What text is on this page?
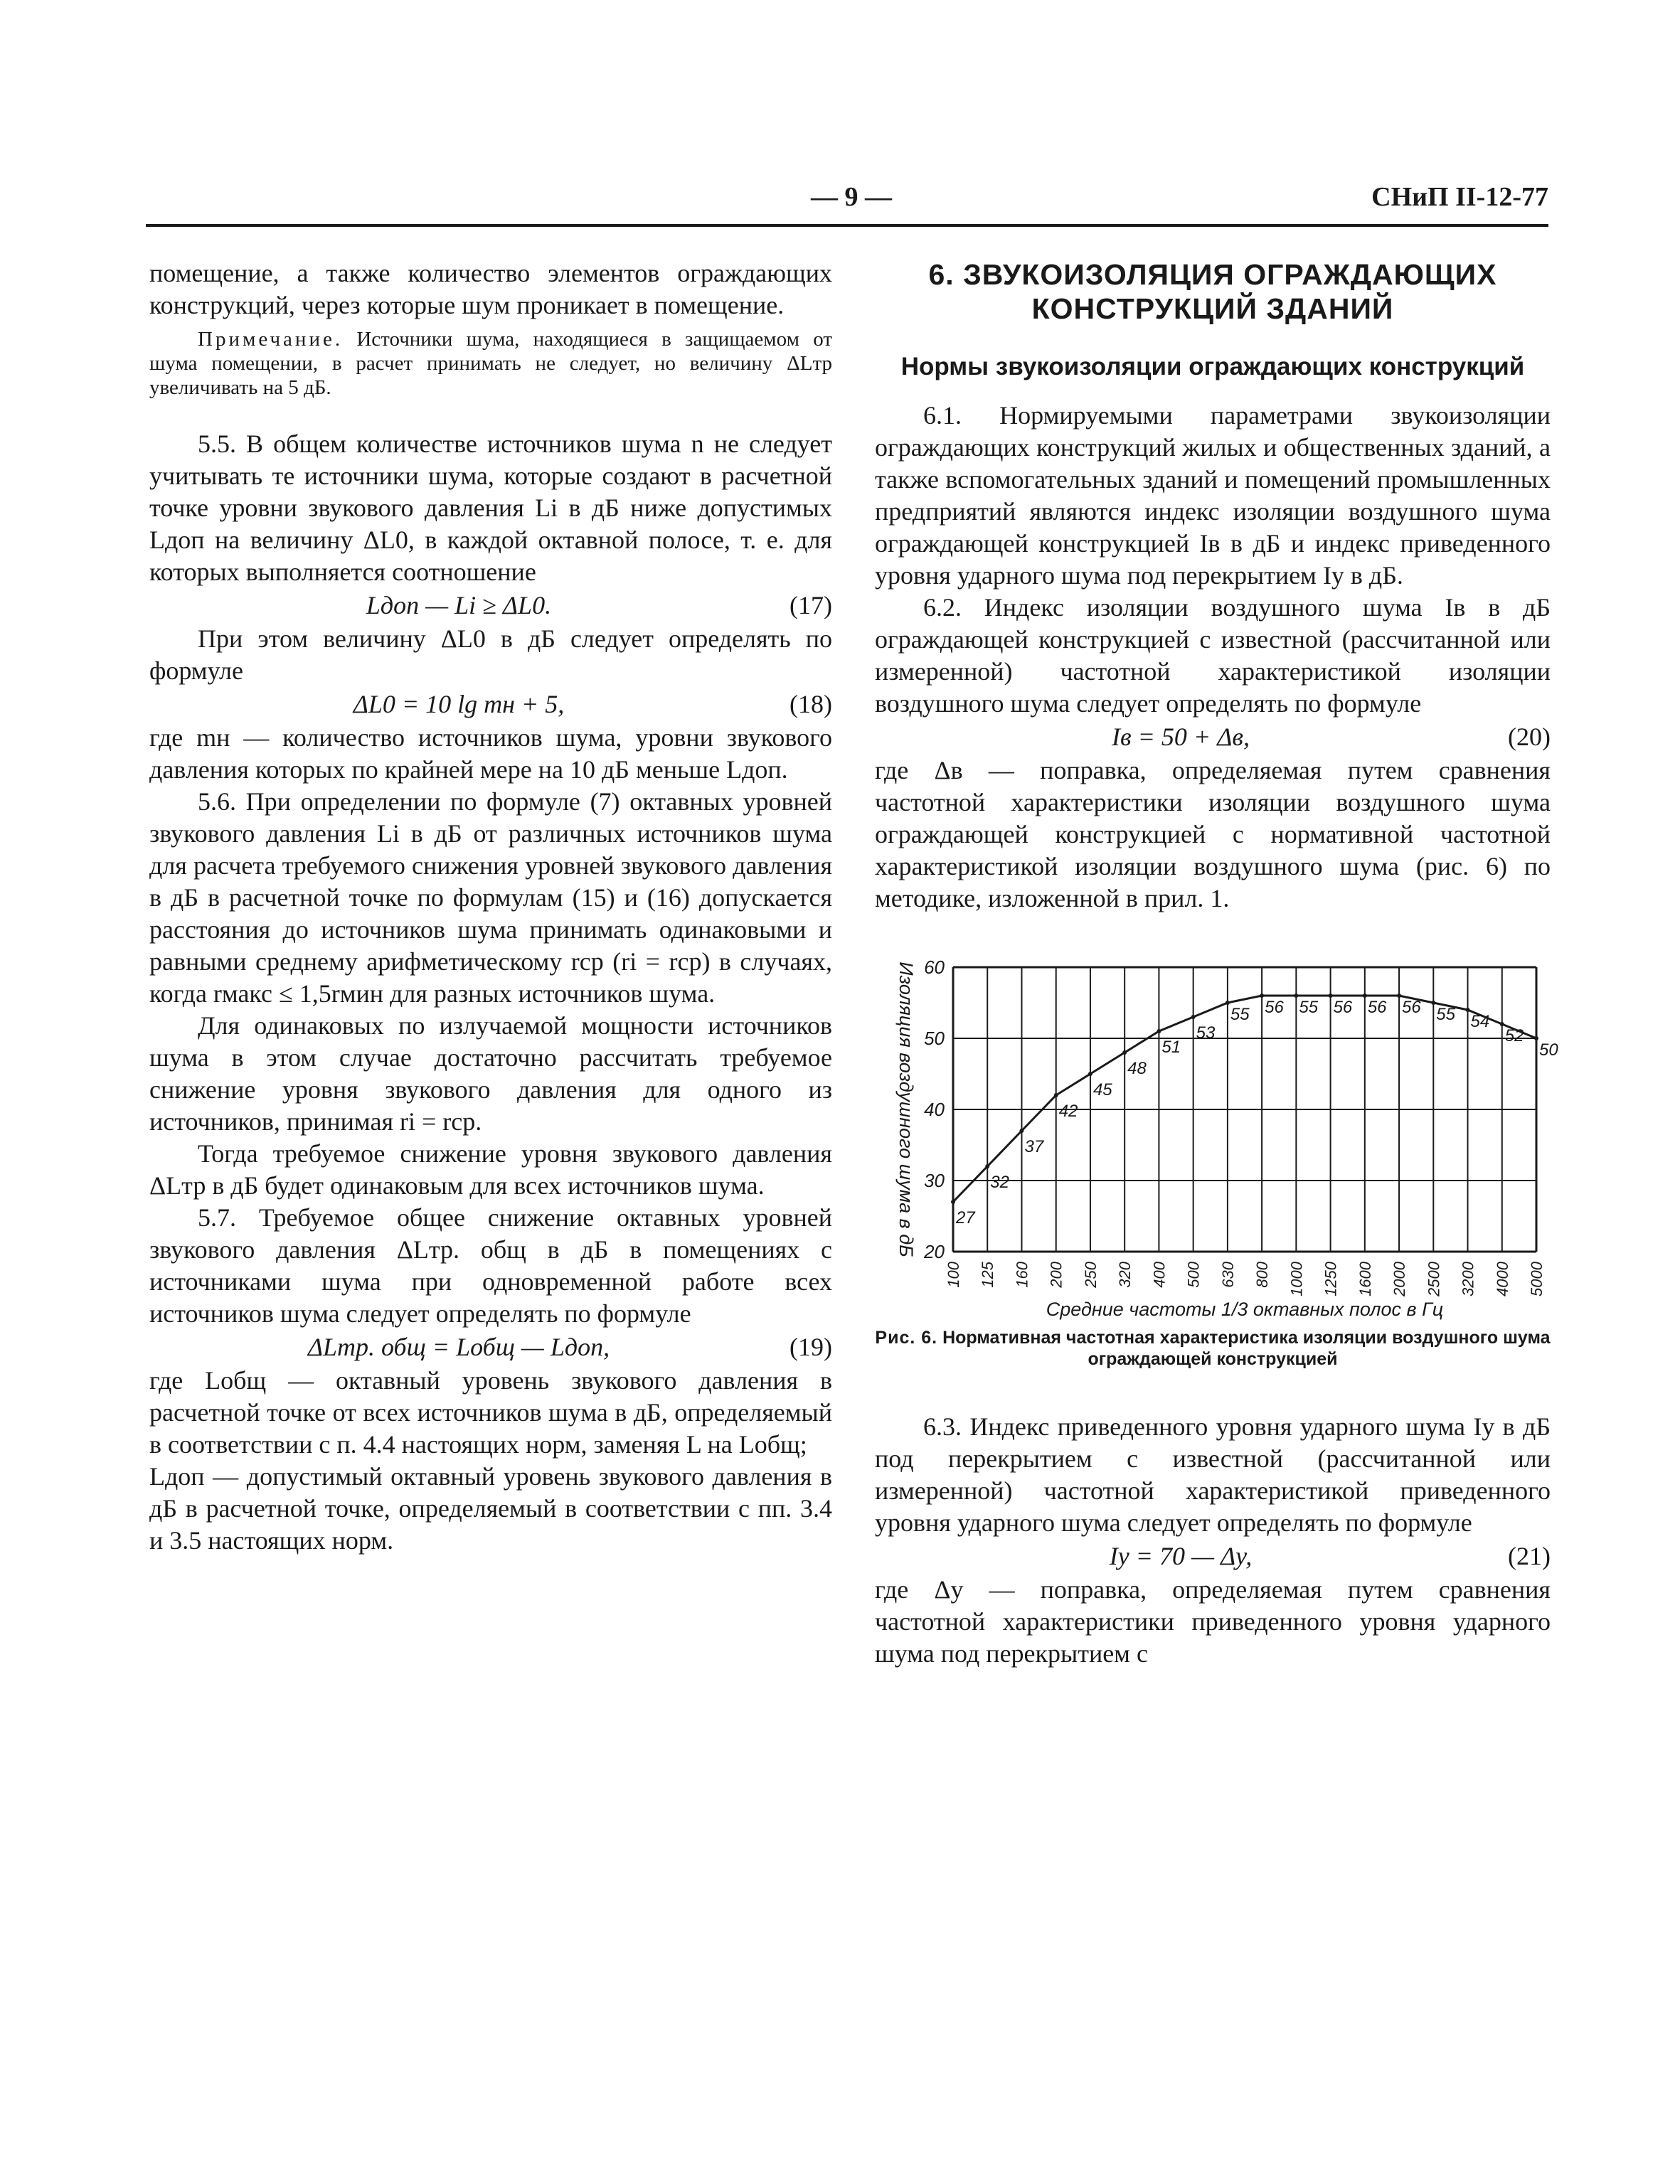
— 9 —	СНиП II-12-77

помещение, а также количество элементов ограждающих конструкций, через которые шум проникает в помещение.

Примечание. Источники шума, находящиеся в защищаемом от шума помещении, в расчет принимать не следует, но величину ΔLтр увеличивать на 5 дБ.

5.5. В общем количестве источников шума n не следует учитывать те источники шума, которые создают в расчетной точке уровни звукового давления Li в дБ ниже допустимых Lдоп на величину ΔL0, в каждой октавной полосе, т. е. для которых выполняется соотношение

Lдоп — Li ≥ ΔL0.	(17)

При этом величину ΔL0 в дБ следует определять по формуле

ΔL0 = 10 lg mн + 5,	(18)

где mн — количество источников шума, уровни звукового давления которых по крайней мере на 10 дБ меньше Lдоп.

5.6. При определении по формуле (7) октавных уровней звукового давления Li в дБ от различных источников шума для расчета требуемого снижения уровней звукового давления в дБ в расчетной точке по формулам (15) и (16) допускается расстояния до источников шума принимать одинаковыми и равными среднему арифметическому rср (ri = rср) в случаях, когда rмакс ≤ 1,5rмин для разных источников шума.

Для одинаковых по излучаемой мощности источников шума в этом случае достаточно рассчитать требуемое снижение уровня звукового давления для одного из источников, принимая ri = rср.

Тогда требуемое снижение уровня звукового давления ΔLтр в дБ будет одинаковым для всех источников шума.

5.7. Требуемое общее снижение октавных уровней звукового давления ΔLтр. общ в дБ в помещениях с источниками шума при одновременной работе всех источников шума следует определять по формуле

ΔLтр. общ = Lобщ — Lдоп,	(19)

где Lобщ — октавный уровень звукового давления в расчетной точке от всех источников шума в дБ, определяемый в соответствии с п. 4.4 настоящих норм, заменяя L на Lобщ;

Lдоп — допустимый октавный уровень звукового давления в дБ в расчетной точке, определяемый в соответствии с пп. 3.4 и 3.5 настоящих норм.

6. ЗВУКОИЗОЛЯЦИЯ ОГРАЖДАЮЩИХ КОНСТРУКЦИЙ ЗДАНИЙ
Нормы звукоизоляции ограждающих конструкций

6.1. Нормируемыми параметрами звукоизоляции ограждающих конструкций жилых и общественных зданий, а также вспомогательных зданий и помещений промышленных предприятий являются индекс изоляции воздушного шума ограждающей конструкцией Iв в дБ и индекс приведенного уровня ударного шума под перекрытием Iу в дБ.

6.2. Индекс изоляции воздушного шума Iв в дБ ограждающей конструкцией с известной (рассчитанной или измеренной) частотной характеристикой изоляции воздушного шума следует определять по формуле

Iв = 50 + Δв,	(20)

где Δв — поправка, определяемая путем сравнения частотной характеристики изоляции воздушного шума ограждающей конструкцией с нормативной частотной характеристикой изоляции воздушного шума (рис. 6) по методике, изложенной в прил. 1.

20
30
40
50
60
100 125 160 200 250 320 400 500 630 800 1000 1250 1600 2000 2500 3200 4000 5000
27
32
37
42
45
48
51
53
55 56 55 56 56 56 55 54
52
50
Изоляция воздушного шума в дБ
Средние частоты 1/3 октавных полос в Гц

Рис. 6. Нормативная частотная характеристика изоляции воздушного шума ограждающей конструкцией

6.3. Индекс приведенного уровня ударного шума Iу в дБ под перекрытием с известной (рассчитанной или измеренной) частотной характеристикой приведенного уровня ударного шума следует определять по формуле

Iу = 70 — Δу,	(21)

где Δу — поправка, определяемая путем сравнения частотной характеристики приведенного уровня ударного шума под перекрытием с
